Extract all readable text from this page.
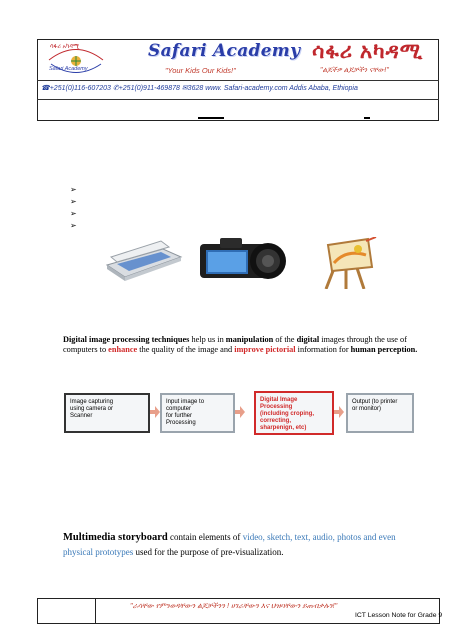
ሳፋሪ አካዳሚ
Safari Academy
Safari Academy
"Your Kids Our Kids!"
ሳፋሪ አካዳሚ
"ልጆችዎ ልጆቻችን ናቸው!"
☎+251(0)116-607203 ✆+251(0)911-469878 ✉3628 www. Safari-academy.com Addis Ababa, Ethiopia
➢
➢
➢
➢
Digital image processing techniques help us in manipulation of the digital images through the use of computers to enhance the quality of the image and improve pictorial information for human perception.
Image capturing
using camera or
Scanner
Input image to
computer
for further
Processing
Digital Image
Processing
(including croping,
correcting,
sharpenign, etc)
Output (to printer
or monitor)
Multimedia storyboard contain elements of video, sketch, text, audio, photos and even physical prototypes used for the purpose of pre-visualization.
"ራሳቸው የምንወዳቸውን ልጆቻችንን ! ሀገራቸውን እና ህዝባቸውን ይጠብቃሉን!"
ICT Lesson Note for Grade 9
